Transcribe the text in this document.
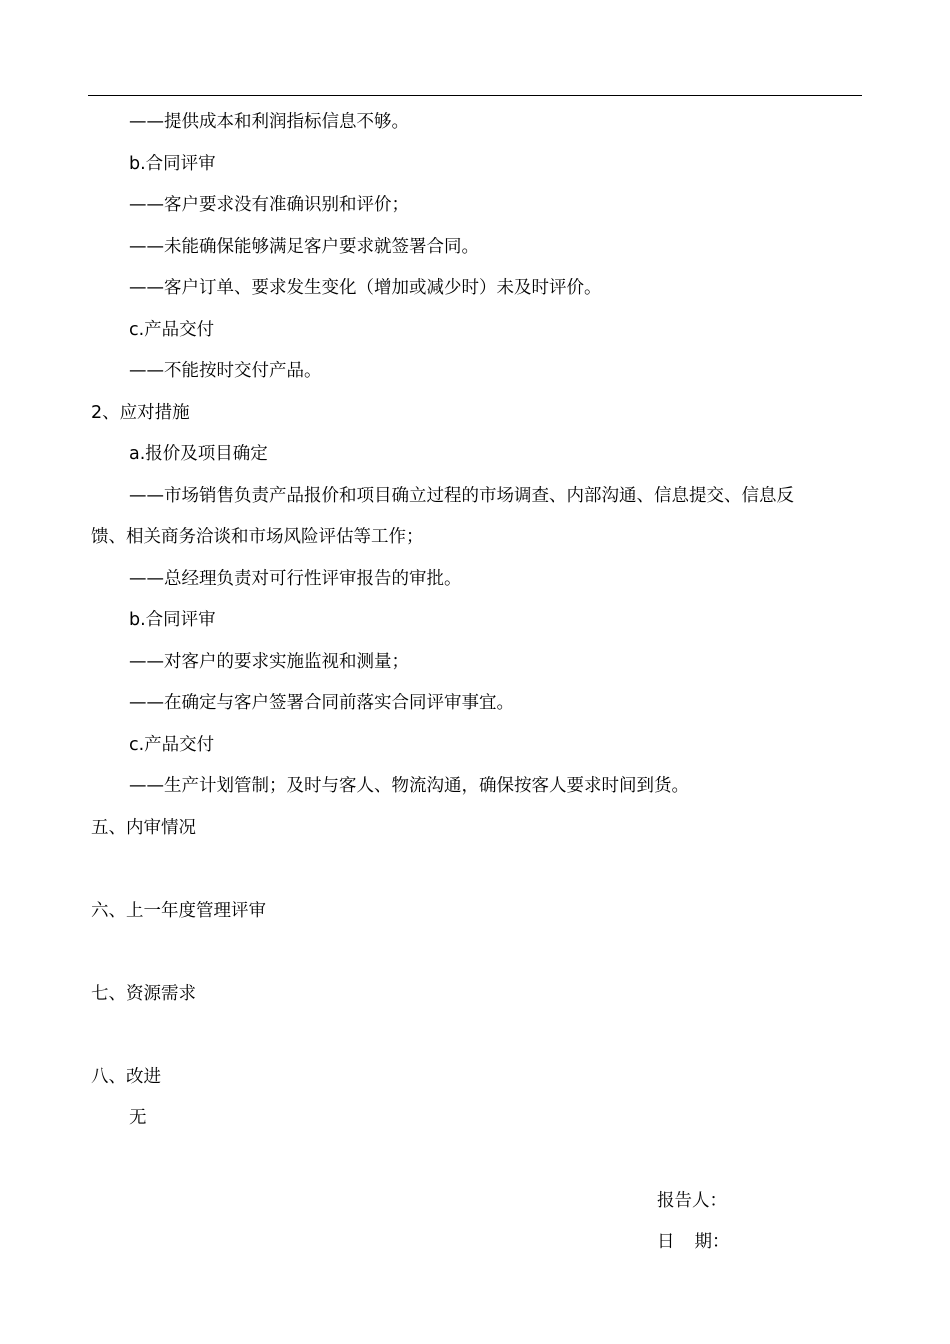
——提供成本和利润指标信息不够。
b.合同评审
——客户要求没有准确识别和评价；
——未能确保能够满足客户要求就签署合同。
——客户订单、要求发生变化（增加或减少时）未及时评价。
c.产品交付
——不能按时交付产品。
2、应对措施
a.报价及项目确定
——市场销售负责产品报价和项目确立过程的市场调查、内部沟通、信息提交、信息反
馈、相关商务洽谈和市场风险评估等工作；
——总经理负责对可行性评审报告的审批。
b.合同评审
——对客户的要求实施监视和测量；
——在确定与客户签署合同前落实合同评审事宜。
c.产品交付
——生产计划管制；及时与客人、物流沟通，确保按客人要求时间到货。
五、内审情况
六、上一年度管理评审
七、资源需求
八、改进
无
报告人：
日 期：
